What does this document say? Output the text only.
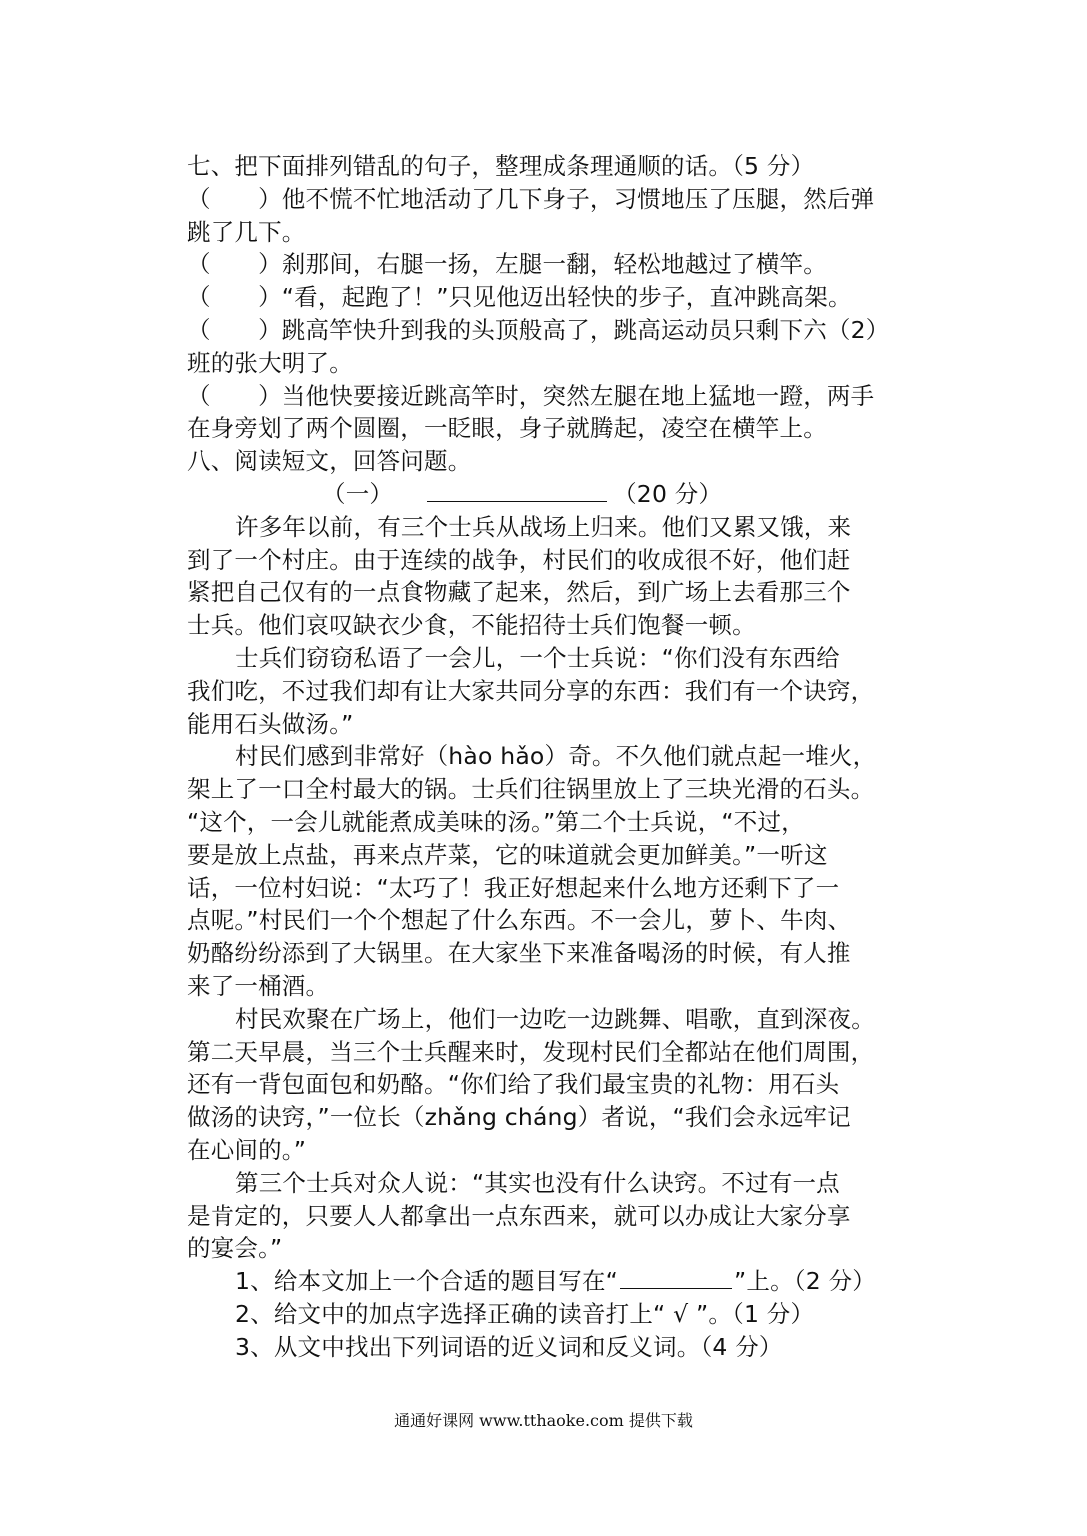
七、把下面排列错乱的句子，整理成条理通顺的话。（5 分）
（　　）他不慌不忙地活动了几下身子，习惯地压了压腿，然后弹
跳了几下。
（　　）刹那间，右腿一扬，左腿一翻，轻松地越过了横竿。
（　　）“看，起跑了！”只见他迈出轻快的步子，直冲跳高架。
（　　）跳高竿快升到我的头顶般高了，跳高运动员只剩下六（2）
班的张大明了。
（　　）当他快要接近跳高竿时，突然左腿在地上猛地一蹬，两手
在身旁划了两个圆圈，一眨眼，身子就腾起，凌空在横竿上。
八、阅读短文，回答问题。
（一）	（20 分）
许多年以前，有三个士兵从战场上归来。他们又累又饿，来
到了一个村庄。由于连续的战争，村民们的收成很不好，他们赶
紧把自己仅有的一点食物藏了起来，然后，到广场上去看那三个
士兵。他们哀叹缺衣少食，不能招待士兵们饱餐一顿。
士兵们窃窃私语了一会儿，一个士兵说：“你们没有东西给
我们吃，不过我们却有让大家共同分享的东西：我们有一个诀窍，
能用石头做汤。”
村民们感到非常好（hào hǎo）奇。不久他们就点起一堆火，
架上了一口全村最大的锅。士兵们往锅里放上了三块光滑的石头。
“这个，一会儿就能煮成美味的汤。”第二个士兵说，“不过，
要是放上点盐，再来点芹菜，它的味道就会更加鲜美。”一听这
话，一位村妇说：“太巧了！我正好想起来什么地方还剩下了一
点呢。”村民们一个个想起了什么东西。不一会儿，萝卜、牛肉、
奶酪纷纷添到了大锅里。在大家坐下来准备喝汤的时候，有人推
来了一桶酒。
村民欢聚在广场上，他们一边吃一边跳舞、唱歌，直到深夜。
第二天早晨，当三个士兵醒来时，发现村民们全都站在他们周围，
还有一背包面包和奶酪。“你们给了我们最宝贵的礼物：用石头
做汤的诀窍，”一位长（zhǎng cháng）者说，“我们会永远牢记
在心间的。”
第三个士兵对众人说：“其实也没有什么诀窍。不过有一点
是肯定的，只要人人都拿出一点东西来，就可以办成让大家分享
的宴会。”
1、给本文加上一个合适的题目写在“	”上。（2 分）
2、给文中的加点字选择正确的读音打上“ √ ”。（1 分）
3、从文中找出下列词语的近义词和反义词。（4 分）
通通好课网 www.tthaoke.com 提供下载
